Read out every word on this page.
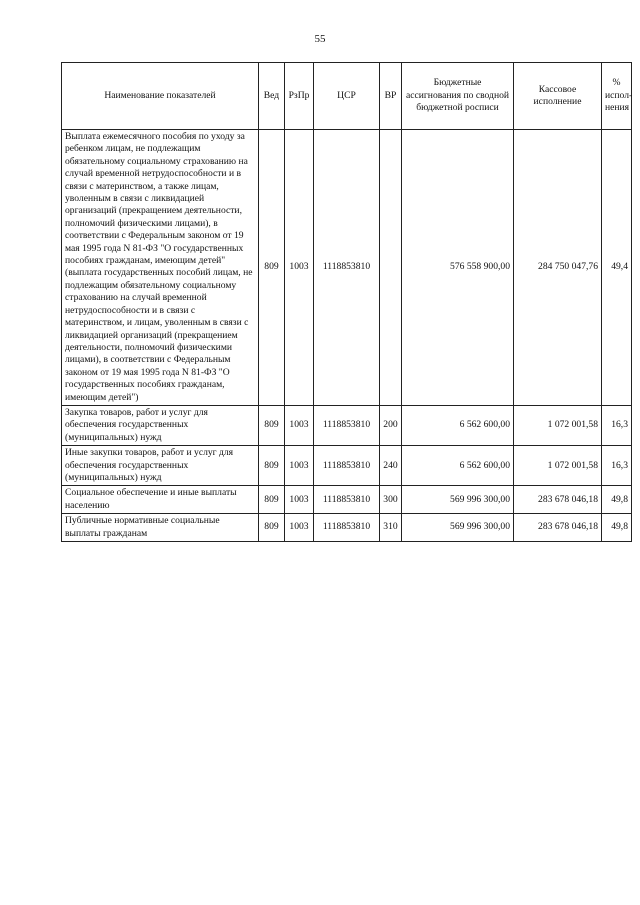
55
Наименование показателей	Вед	РзПр	ЦСР	ВР	Бюджетные ассигнования по сводной бюджетной росписи	Кассовое исполнение	% испол-нения
Выплата ежемесячного пособия по уходу за ребенком лицам, не подлежащим обязательному социальному страхованию на случай временной нетрудоспособности и в связи с материнством, а также лицам, уволенным в связи с ликвидацией организаций (прекращением деятельности, полномочий физическими лицами), в соответствии с Федеральным законом от 19 мая 1995 года N 81-ФЗ "О государственных пособиях гражданам, имеющим детей" (выплата государственных пособий лицам, не подлежащим обязательному социальному страхованию на случай временной нетрудоспособности и в связи с материнством, и лицам, уволенным в связи с ликвидацией организаций (прекращением деятельности, полномочий физическими лицами), в соответствии с Федеральным законом от 19 мая 1995 года N 81-ФЗ "О государственных пособиях гражданам, имеющим детей")	809	1003	1118853810		576 558 900,00	284 750 047,76	49,4
Закупка товаров, работ и услуг для обеспечения государственных (муниципальных) нужд	809	1003	1118853810	200	6 562 600,00	1 072 001,58	16,3
Иные закупки товаров, работ и услуг для обеспечения государственных (муниципальных) нужд	809	1003	1118853810	240	6 562 600,00	1 072 001,58	16,3
Социальное обеспечение и иные выплаты населению	809	1003	1118853810	300	569 996 300,00	283 678 046,18	49,8
Публичные нормативные социальные выплаты гражданам	809	1003	1118853810	310	569 996 300,00	283 678 046,18	49,8
